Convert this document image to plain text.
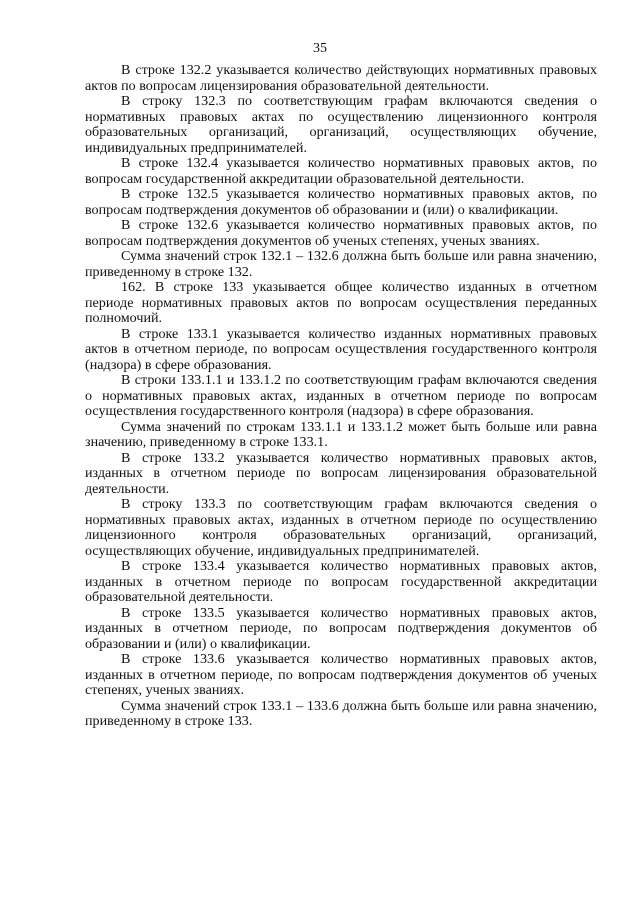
35

В строке 132.2 указывается количество действующих нормативных правовых актов по вопросам лицензирования образовательной деятельности.

В строку 132.3 по соответствующим графам включаются сведения о нормативных правовых актах по осуществлению лицензионного контроля образовательных организаций, организаций, осуществляющих обучение, индивидуальных предпринимателей.

В строке 132.4 указывается количество нормативных правовых актов, по вопросам государственной аккредитации образовательной деятельности.

В строке 132.5 указывается количество нормативных правовых актов, по вопросам подтверждения документов об образовании и (или) о квалификации.

В строке 132.6 указывается количество нормативных правовых актов, по вопросам подтверждения документов об ученых степенях, ученых званиях.

Сумма значений строк 132.1 – 132.6 должна быть больше или равна значению, приведенному в строке 132.

162. В строке 133 указывается общее количество изданных в отчетном периоде нормативных правовых актов по вопросам осуществления переданных полномочий.

В строке 133.1 указывается количество изданных нормативных правовых актов в отчетном периоде, по вопросам осуществления государственного контроля (надзора) в сфере образования.

В строки 133.1.1 и 133.1.2 по соответствующим графам включаются сведения о нормативных правовых актах, изданных в отчетном периоде по вопросам осуществления государственного контроля (надзора) в сфере образования.

Сумма значений по строкам 133.1.1 и 133.1.2 может быть больше или равна значению, приведенному в строке 133.1.

В строке 133.2 указывается количество нормативных правовых актов, изданных в отчетном периоде по вопросам лицензирования образовательной деятельности.

В строку 133.3 по соответствующим графам включаются сведения о нормативных правовых актах, изданных в отчетном периоде по осуществлению лицензионного контроля образовательных организаций, организаций, осуществляющих обучение, индивидуальных предпринимателей.

В строке 133.4 указывается количество нормативных правовых актов, изданных в отчетном периоде по вопросам государственной аккредитации образовательной деятельности.

В строке 133.5 указывается количество нормативных правовых актов, изданных в отчетном периоде, по вопросам подтверждения документов об образовании и (или) о квалификации.

В строке 133.6 указывается количество нормативных правовых актов, изданных в отчетном периоде, по вопросам подтверждения документов об ученых степенях, ученых званиях.

Сумма значений строк 133.1 – 133.6 должна быть больше или равна значению, приведенному в строке 133.
